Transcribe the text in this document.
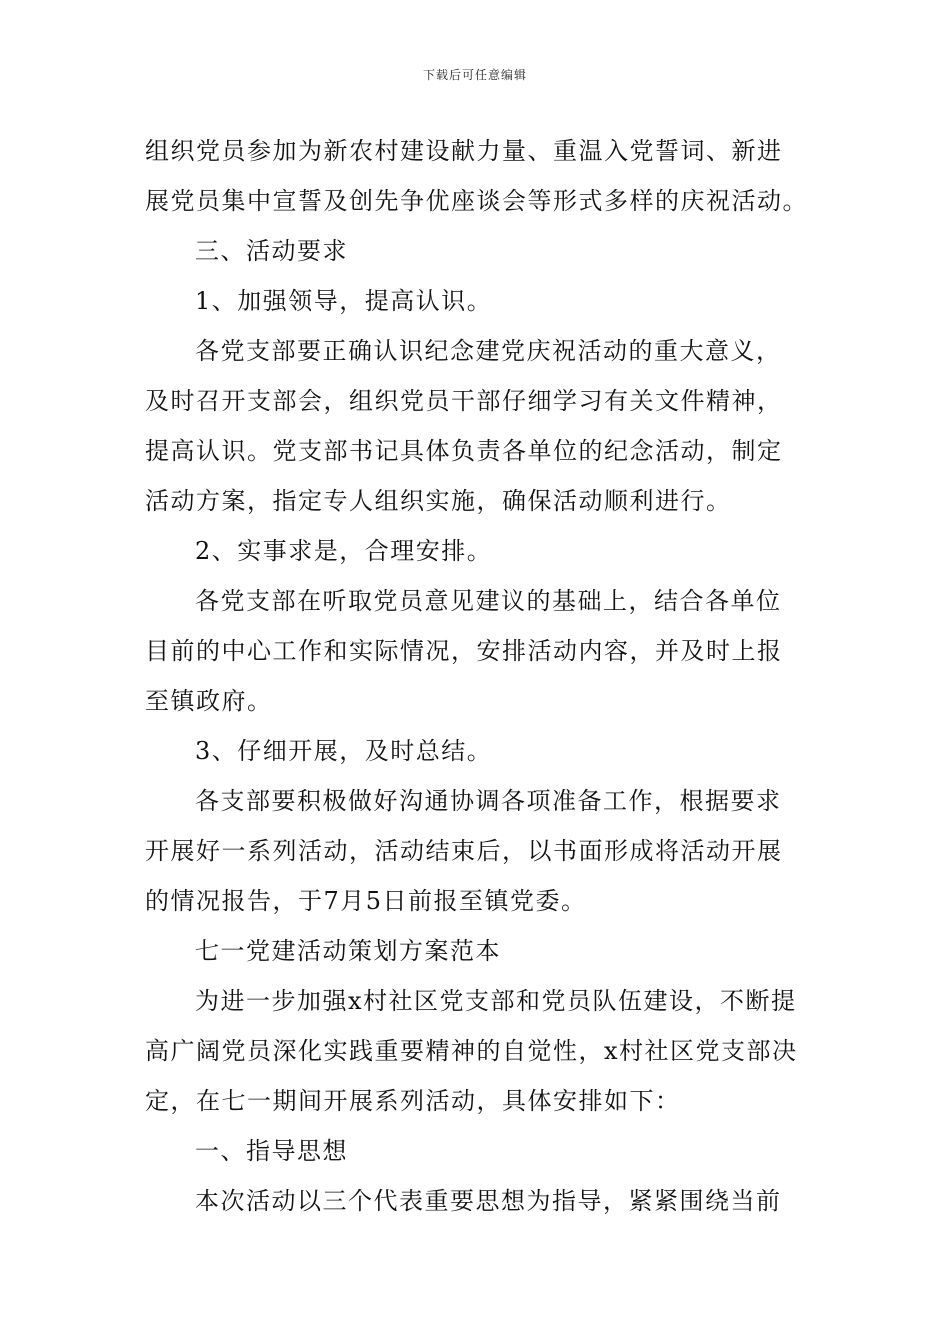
下载后可任意编辑
组织党员参加为新农村建设献力量、重温入党誓词、新进
展党员集中宣誓及创先争优座谈会等形式多样的庆祝活动。
三、活动要求
1、加强领导，提高认识。
各党支部要正确认识纪念建党庆祝活动的重大意义，
及时召开支部会，组织党员干部仔细学习有关文件精神，
提高认识。党支部书记具体负责各单位的纪念活动，制定
活动方案，指定专人组织实施，确保活动顺利进行。
2、实事求是，合理安排。
各党支部在听取党员意见建议的基础上，结合各单位
目前的中心工作和实际情况，安排活动内容，并及时上报
至镇政府。
3、仔细开展，及时总结。
各支部要积极做好沟通协调各项准备工作，根据要求
开展好一系列活动，活动结束后，以书面形成将活动开展
的情况报告，于7月5日前报至镇党委。
七一党建活动策划方案范本
为进一步加强x村社区党支部和党员队伍建设，不断提
高广阔党员深化实践重要精神的自觉性，x村社区党支部决
定，在七一期间开展系列活动，具体安排如下：
一、指导思想
本次活动以三个代表重要思想为指导，紧紧围绕当前
